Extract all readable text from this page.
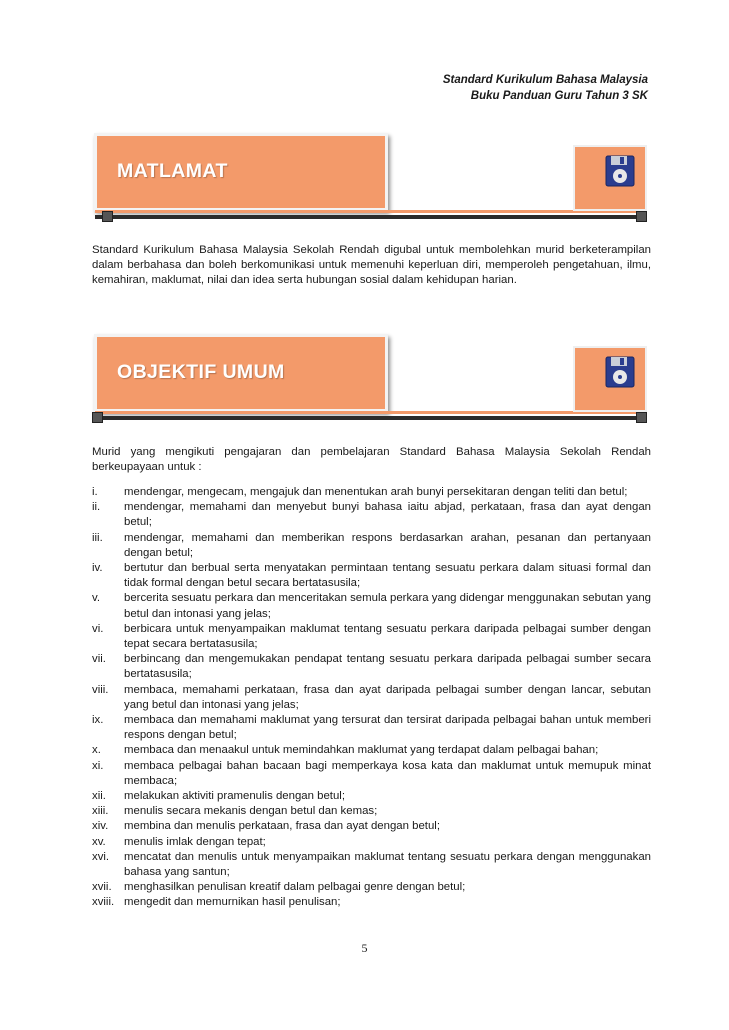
Standard Kurikulum Bahasa Malaysia
Buku Panduan Guru Tahun 3 SK
MATLAMAT
Standard Kurikulum Bahasa Malaysia Sekolah Rendah digubal untuk membolehkan murid berketerampilan dalam berbahasa dan boleh berkomunikasi untuk memenuhi keperluan diri, memperoleh pengetahuan, ilmu, kemahiran, maklumat, nilai dan idea serta hubungan sosial dalam kehidupan harian.
OBJEKTIF UMUM
Murid yang mengikuti pengajaran dan pembelajaran Standard Bahasa Malaysia Sekolah Rendah berkeupayaan untuk :
i. mendengar, mengecam, mengajuk dan menentukan arah bunyi persekitaran dengan teliti dan betul;
ii. mendengar, memahami dan menyebut bunyi bahasa iaitu abjad, perkataan, frasa dan ayat dengan betul;
iii. mendengar, memahami dan memberikan respons berdasarkan arahan, pesanan dan pertanyaan dengan betul;
iv. bertutur dan berbual serta menyatakan permintaan tentang sesuatu perkara dalam situasi formal dan tidak formal dengan betul secara bertatasusila;
v. bercerita sesuatu perkara dan menceritakan semula perkara yang didengar menggunakan sebutan yang betul dan intonasi yang jelas;
vi. berbicara untuk menyampaikan maklumat tentang sesuatu perkara daripada pelbagai sumber dengan tepat secara bertatasusila;
vii. berbincang dan mengemukakan pendapat tentang sesuatu perkara daripada pelbagai sumber secara bertatasusila;
viii. membaca, memahami perkataan, frasa dan ayat daripada pelbagai sumber dengan lancar, sebutan yang betul dan intonasi yang jelas;
ix. membaca dan memahami maklumat yang tersurat dan tersirat daripada pelbagai bahan untuk memberi respons dengan betul;
x. membaca dan menaakul untuk memindahkan maklumat yang terdapat dalam pelbagai bahan;
xi. membaca pelbagai bahan bacaan bagi memperkaya kosa kata dan maklumat untuk memupuk minat membaca;
xii. melakukan aktiviti pramenulis dengan betul;
xiii. menulis secara mekanis dengan betul dan kemas;
xiv. membina dan menulis perkataan, frasa dan ayat dengan betul;
xv. menulis imlak dengan tepat;
xvi. mencatat dan menulis untuk menyampaikan maklumat tentang sesuatu perkara dengan menggunakan bahasa yang santun;
xvii. menghasilkan penulisan kreatif dalam pelbagai genre dengan betul;
xviii. mengedit dan memurnikan hasil penulisan;
5
